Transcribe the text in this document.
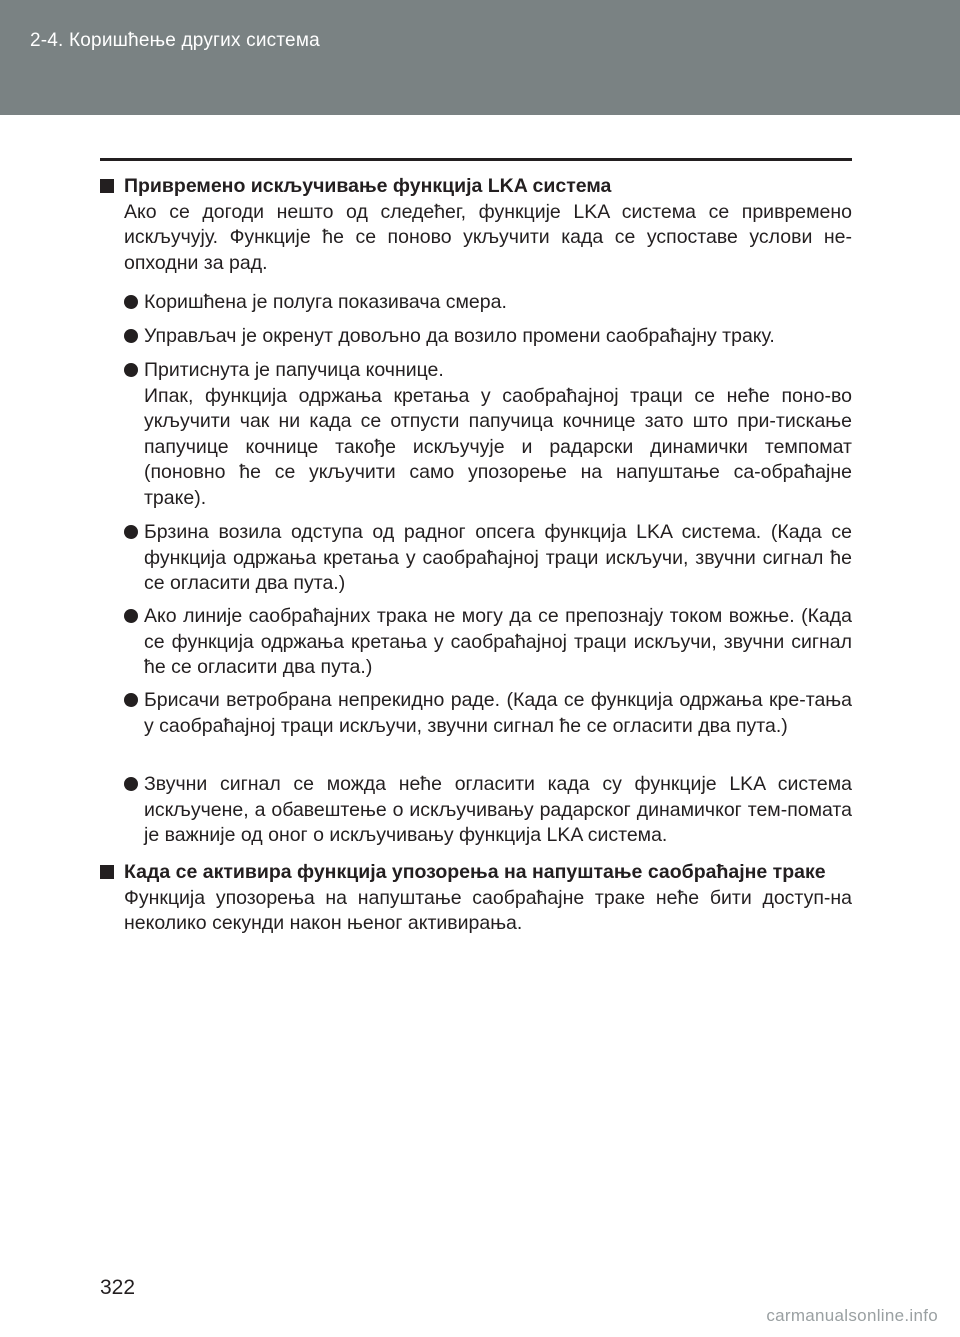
2-4. Коришћење других система
Привремено искључивање функција LKA система
Ако се догоди нешто од следећег, функције LKA система се привремено искључују. Функције ће се поново укључити када се успоставе услови не-опходни за рад.
Коришћена је полуга показивача смера.
Управљач је окренут довољно да возило промени саобраћајну траку.
Притиснута је папучица кочнице.
Ипак, функција одржања кретања у саобраћајној траци се неће поно-во укључити чак ни када се отпусти папучица кочнице зато што при-тискање папучице кочнице такође искључује и радарски динамички темпомат (поновно ће се укључити само упозорење на напуштање са-обраћајне траке).
Брзина возила одступа од радног опсега функција LKA система. (Када се функција одржања кретања у саобраћајној траци искључи, звучни сигнал ће се огласити два пута.)
Ако линије саобраћајних трака не могу да се препознају током вожње. (Када се функција одржања кретања у саобраћајној траци искључи, звучни сигнал ће се огласити два пута.)
Брисачи ветробрана непрекидно раде. (Када се функција одржања кре-тања у саобраћајној траци искључи, звучни сигнал ће се огласити два пута.)
Звучни сигнал се можда неће огласити када су функције LKA система искључене, а обавештење о искључивању радарског динамичког тем-помата је важније од оног о искључивању функција LKA система.
Када се активира функција упозорења на напуштање саобраћајне траке
Функција упозорења на напуштање саобраћајне траке неће бити доступ-на неколико секунди након њеног активирања.
322
carmanualsonline.info
